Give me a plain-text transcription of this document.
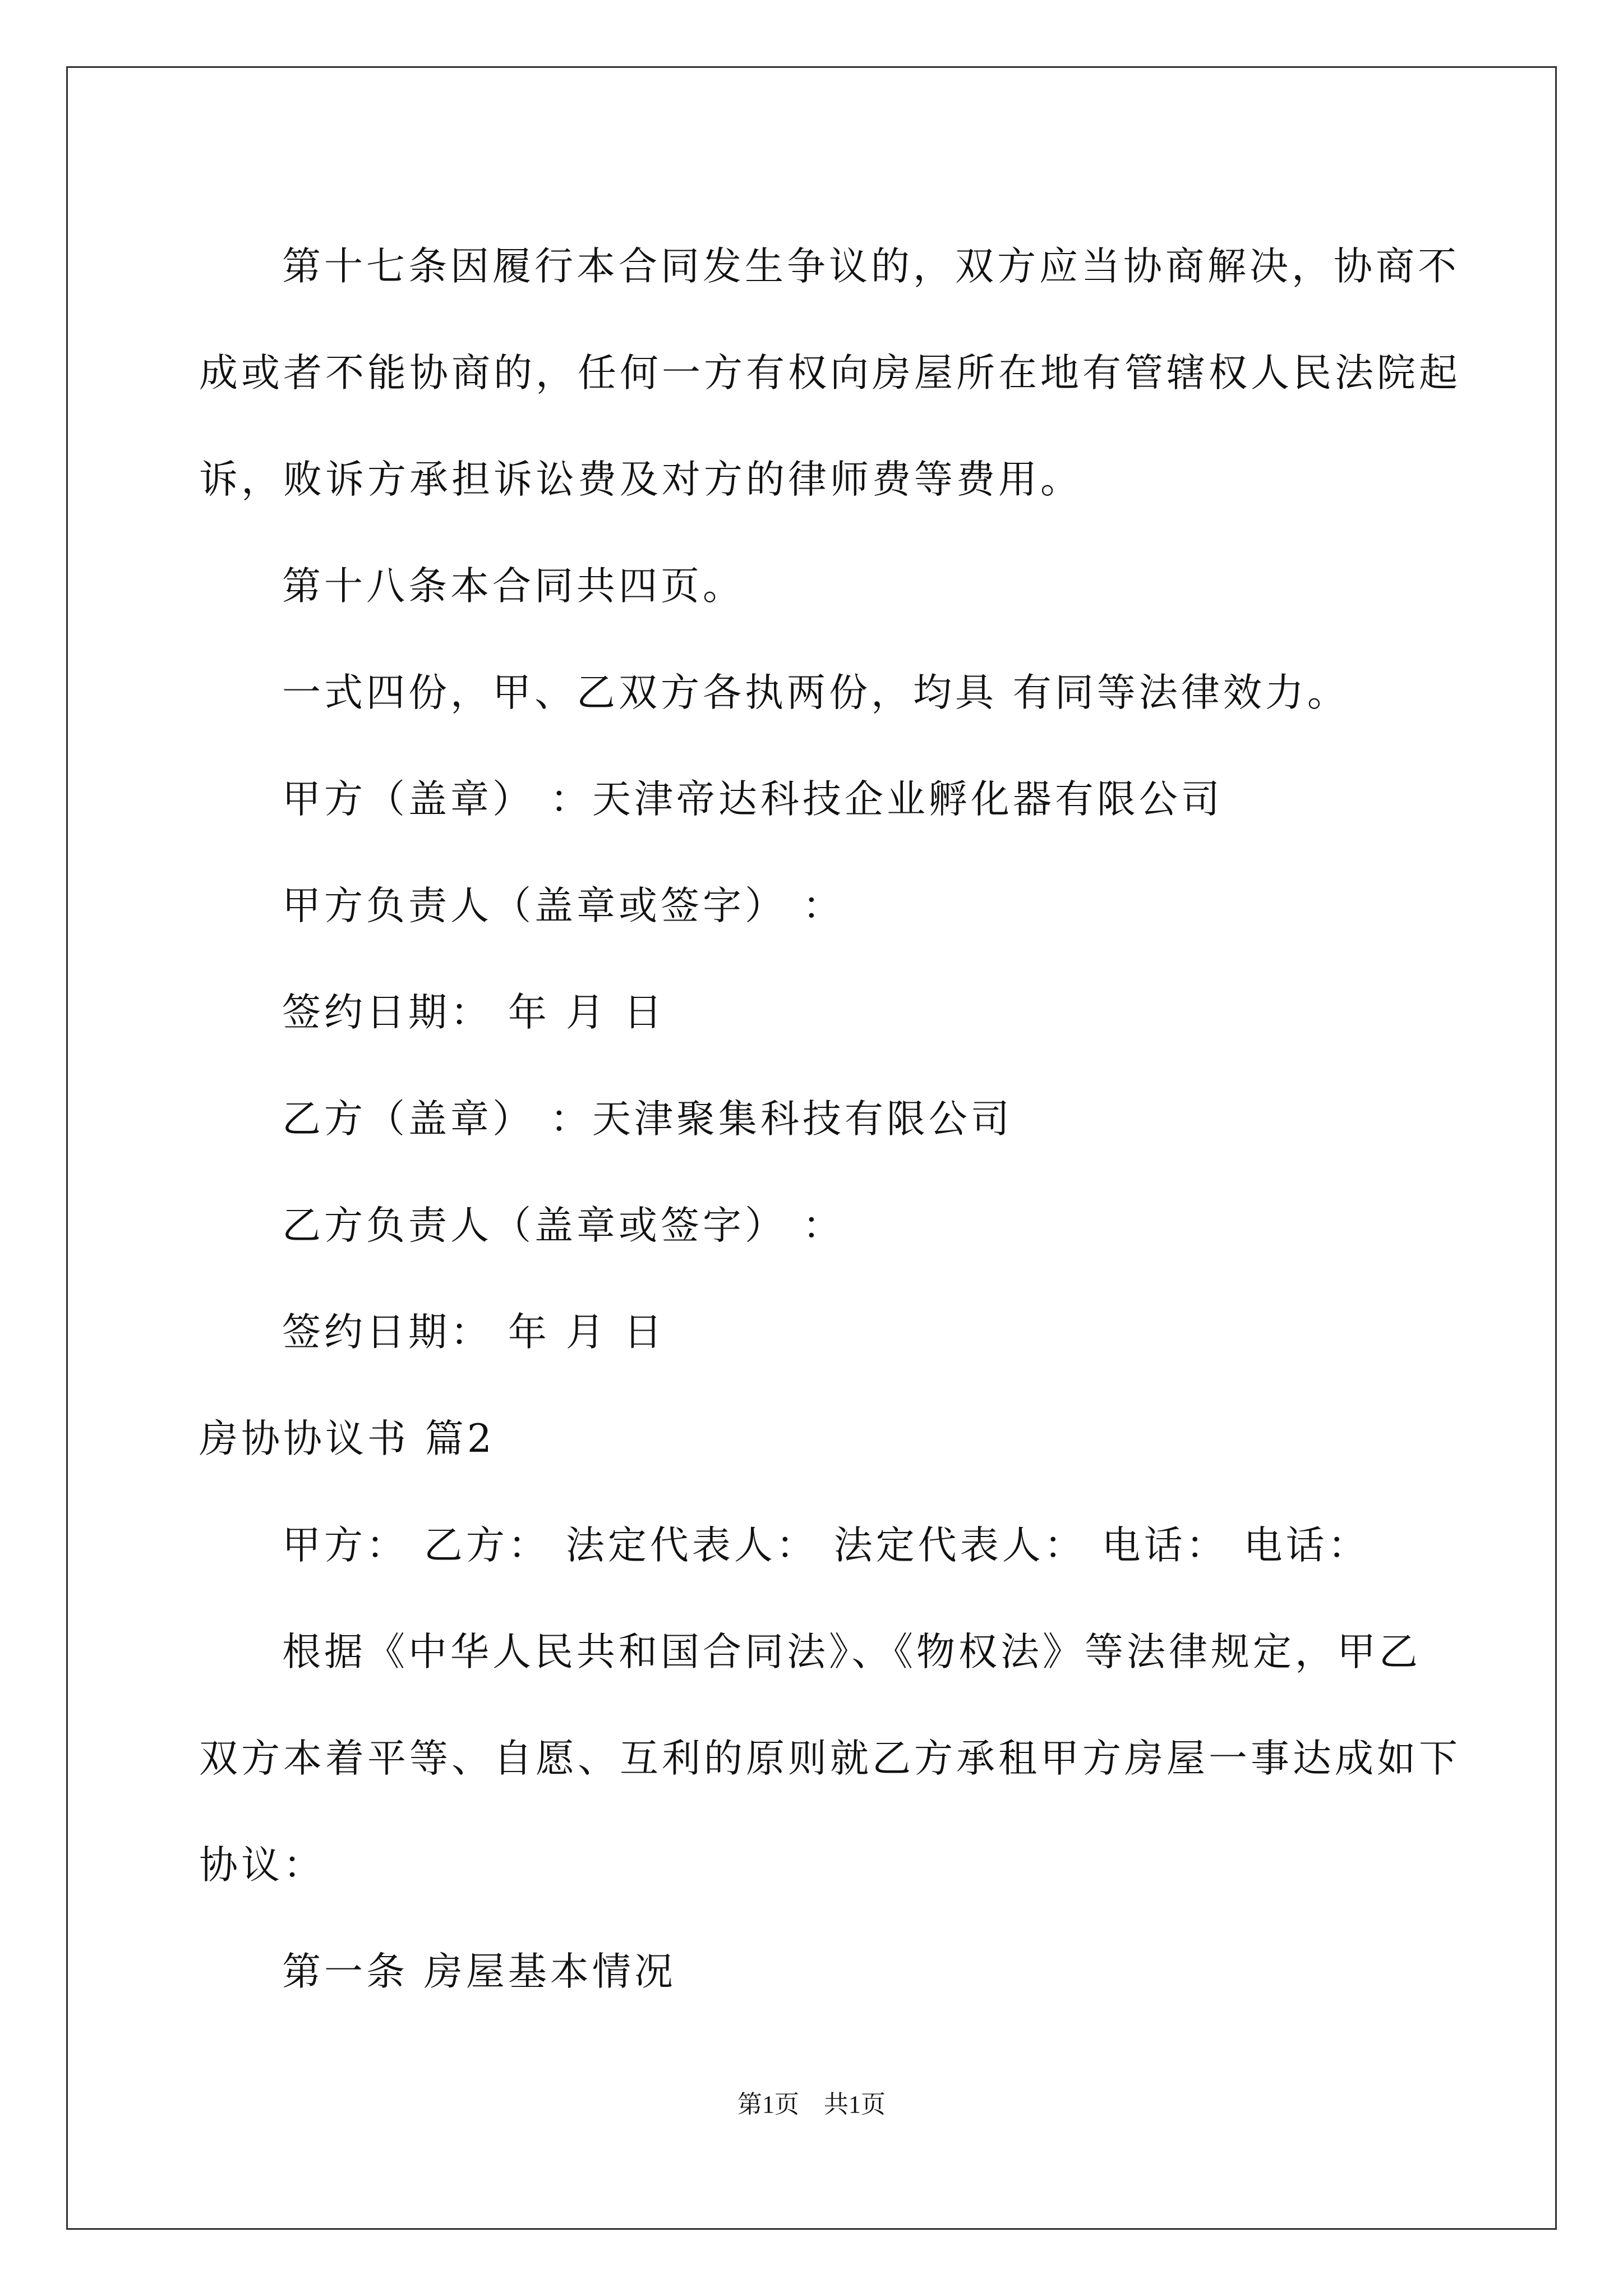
第十七条因履行本合同发生争议的，双方应当协商解决，协商不成或者不能协商的，任何一方有权向房屋所在地有管辖权人民法院起诉，败诉方承担诉讼费及对方的律师费等费用。

第十八条本合同共四页。

一式四份，甲、乙双方各执两份，均具 有同等法律效力。

甲方（盖章） ：天津帝达科技企业孵化器有限公司

甲方负责人（盖章或签字） ：

签约日期： 年 月 日

乙方（盖章） ：天津聚集科技有限公司

乙方负责人（盖章或签字） ：

签约日期： 年 月 日

房协协议书 篇2

甲方： 乙方： 法定代表人： 法定代表人： 电话： 电话：

根据《中华人民共和国合同法》、《物权法》等法律规定，甲乙双方本着平等、自愿、互利的原则就乙方承租甲方房屋一事达成如下协议：

第一条 房屋基本情况

第1页　共1页
